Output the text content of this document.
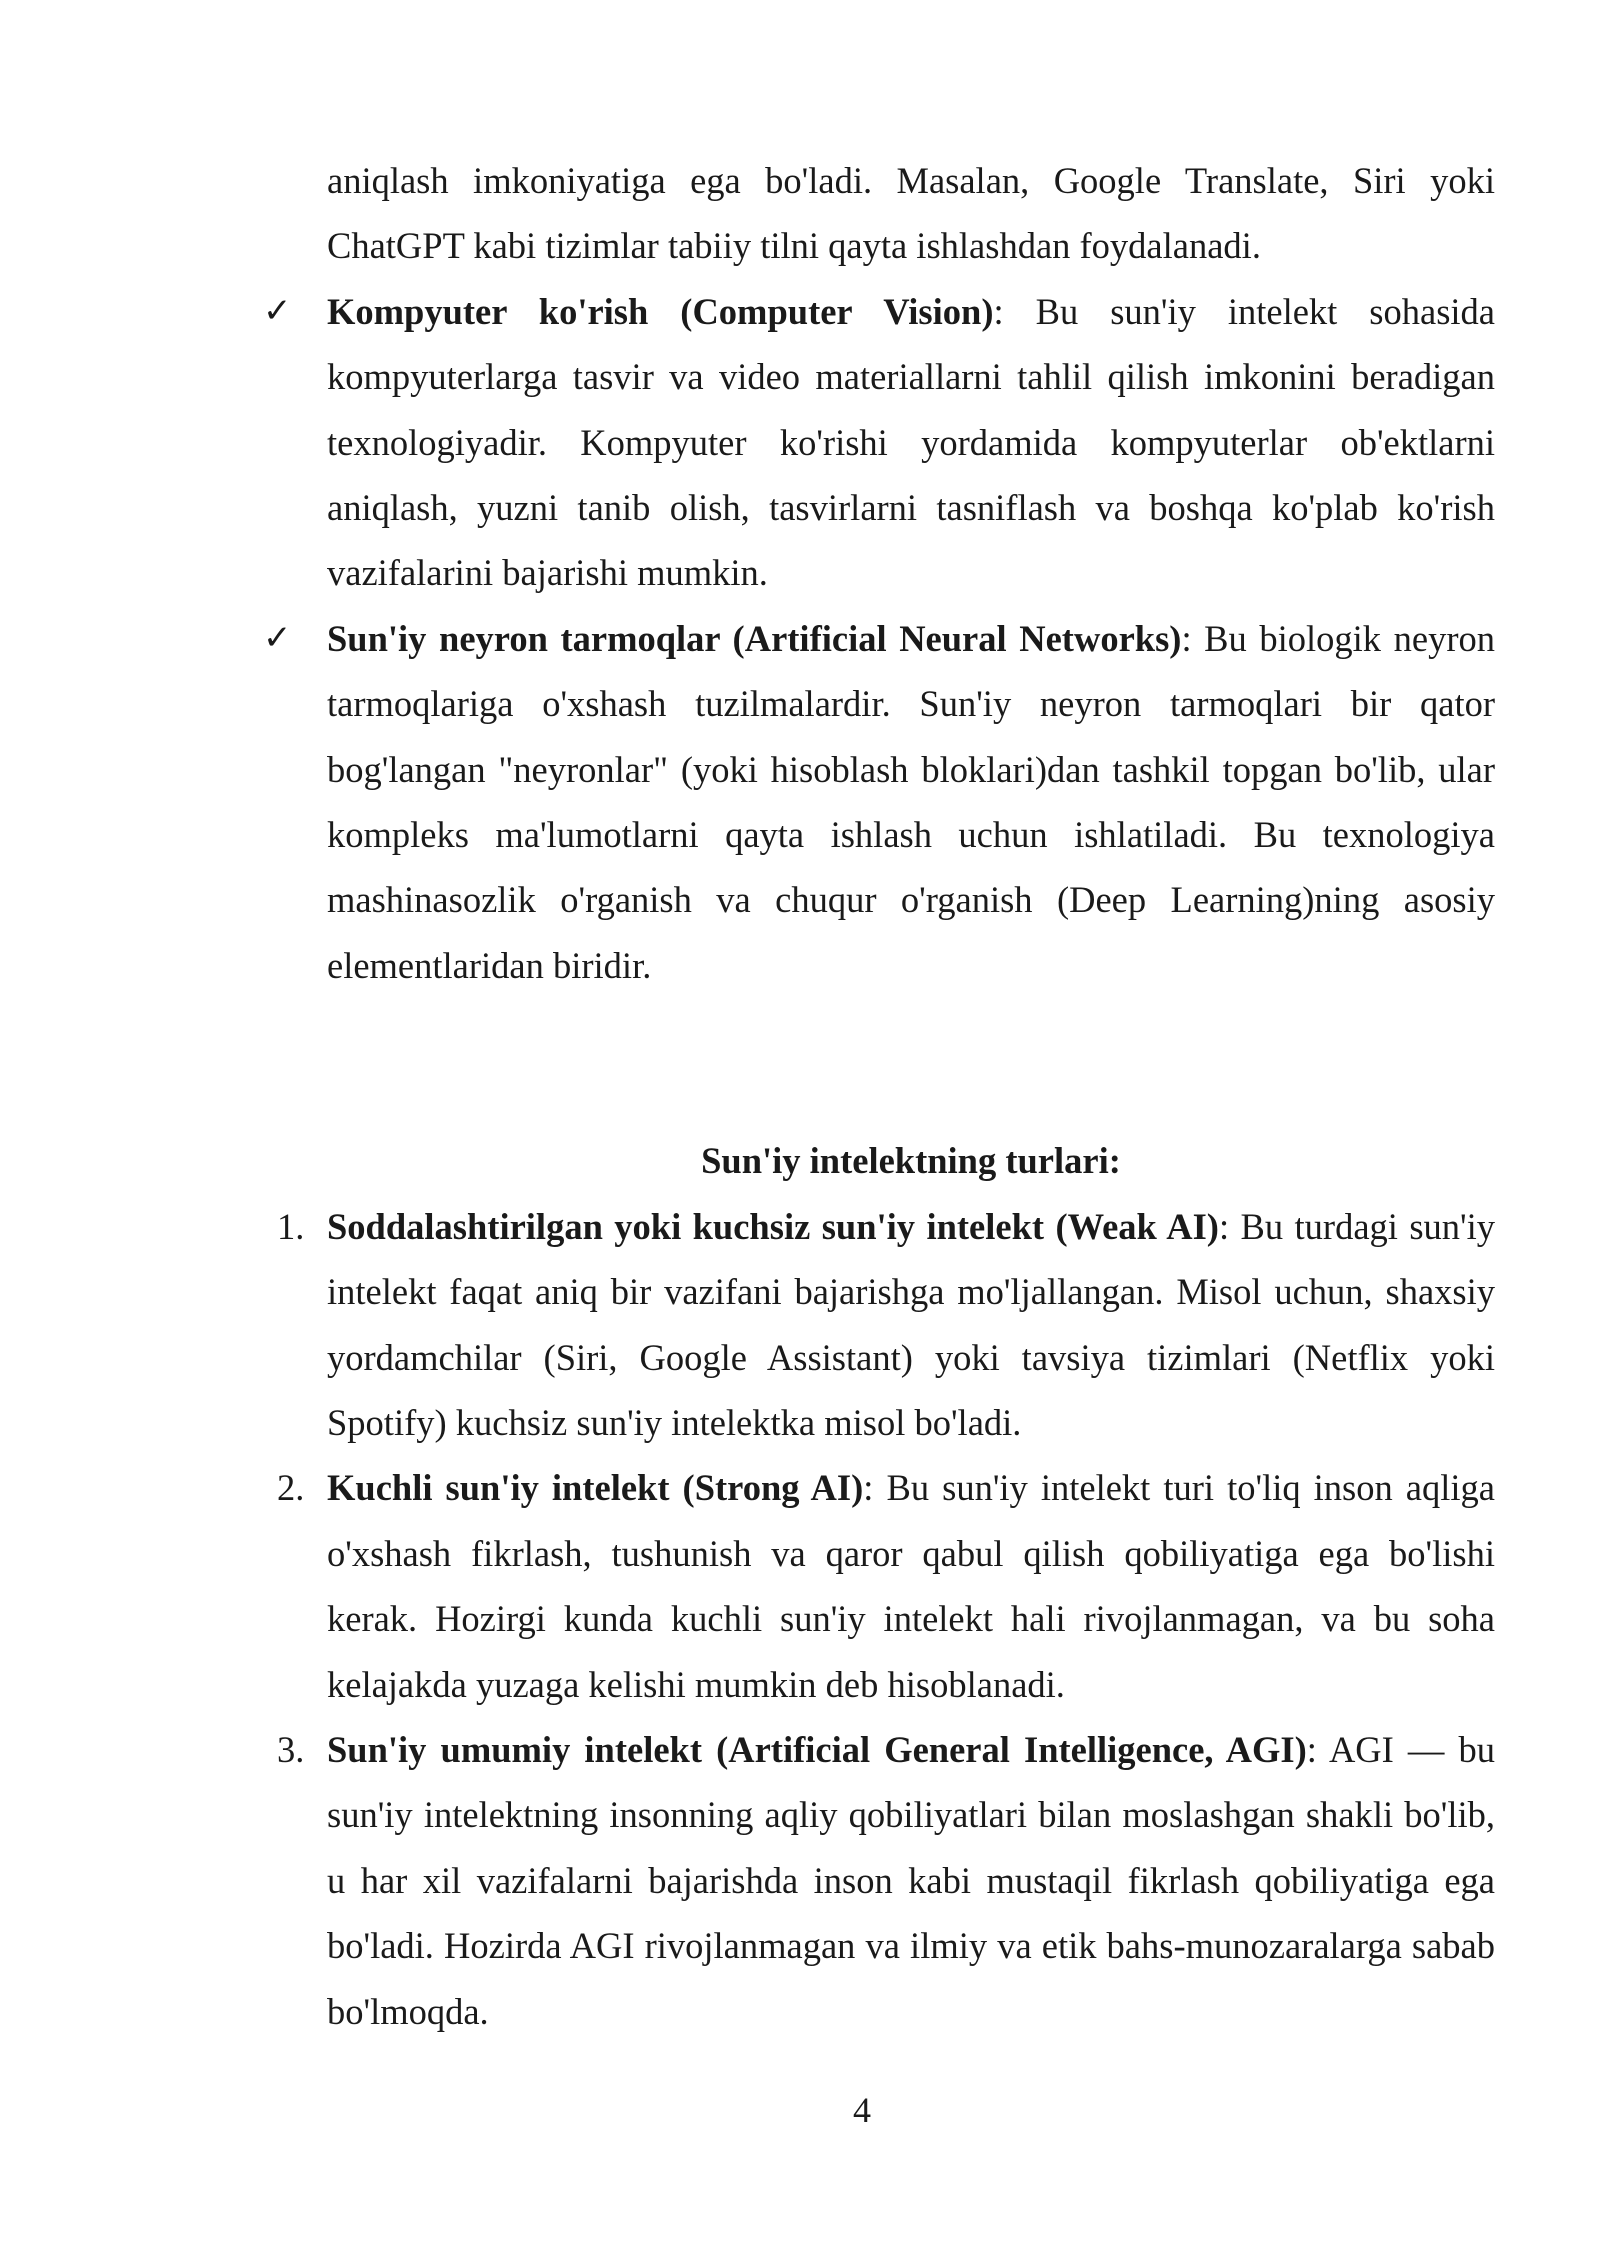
aniqlash imkoniyatiga ega bo'ladi. Masalan, Google Translate, Siri yoki ChatGPT kabi tizimlar tabiiy tilni qayta ishlashdan foydalanadi.

✓ Kompyuter ko'rish (Computer Vision): Bu sun'iy intelekt sohasida kompyuterlarga tasvir va video materiallarni tahlil qilish imkonini beradigan texnologiyadir. Kompyuter ko'rishi yordamida kompyuterlar ob'ektlarni aniqlash, yuzni tanib olish, tasvirlarni tasniflash va boshqa ko'plab ko'rish vazifalarini bajarishi mumkin.
✓ Sun'iy neyron tarmoqlar (Artificial Neural Networks): Bu biologik neyron tarmoqlariga o'xshash tuzilmalardir. Sun'iy neyron tarmoqlari bir qator bog'langan "neyronlar" (yoki hisoblash bloklari)dan tashkil topgan bo'lib, ular kompleks ma'lumotlarni qayta ishlash uchun ishlatiladi. Bu texnologiya mashinasozlik o'rganish va chuqur o'rganish (Deep Learning)ning asosiy elementlaridan biridir.
Sun'iy intelektning turlari:
1. Soddalashtirilgan yoki kuchsiz sun'iy intelekt (Weak AI): Bu turdagi sun'iy intelekt faqat aniq bir vazifani bajarishga mo'ljallangan. Misol uchun, shaxsiy yordamchilar (Siri, Google Assistant) yoki tavsiya tizimlari (Netflix yoki Spotify) kuchsiz sun'iy intelektka misol bo'ladi.
2. Kuchli sun'iy intelekt (Strong AI): Bu sun'iy intelekt turi to'liq inson aqliga o'xshash fikrlash, tushunish va qaror qabul qilish qobiliyatiga ega bo'lishi kerak. Hozirgi kunda kuchli sun'iy intelekt hali rivojlanmagan, va bu soha kelajakda yuzaga kelishi mumkin deb hisoblanadi.
3. Sun'iy umumiy intelekt (Artificial General Intelligence, AGI): AGI — bu sun'iy intelektning insonning aqliy qobiliyatlari bilan moslashgan shakli bo'lib, u har xil vazifalarni bajarishda inson kabi mustaqil fikrlash qobiliyatiga ega bo'ladi. Hozirda AGI rivojlanmagan va ilmiy va etik bahs-munozaralarga sabab bo'lmoqda.
4
